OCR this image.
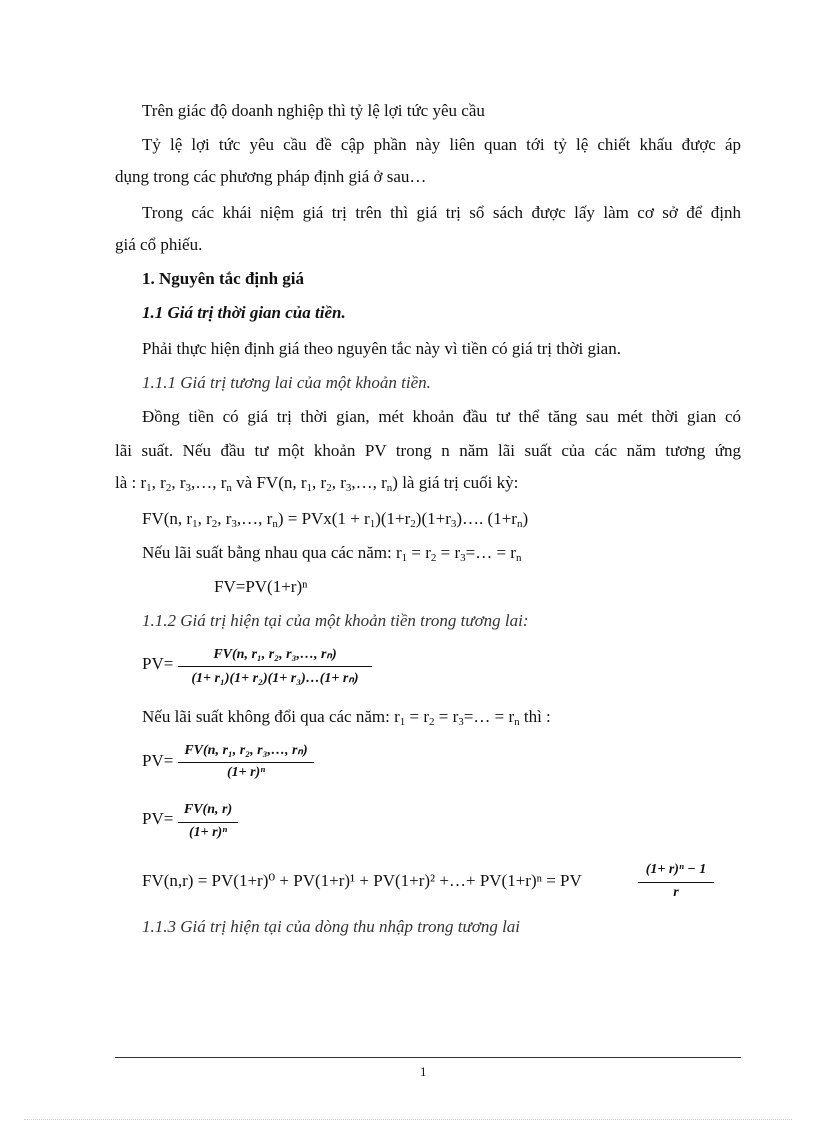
Trên giác độ doanh nghiệp thì tỷ lệ lợi tức yêu cầu
Tỷ lệ lợi tức yêu cầu đề cập phần này liên quan tới tỷ lệ chiết khấu được áp
dụng trong các phương pháp định giá ở sau…
Trong các khái niệm giá trị trên thì giá trị sổ sách được lấy làm cơ sở để định
giá cổ phiếu.
1. Nguyên tắc định giá
1.1 Giá trị thời gian của tiền.
Phải thực hiện định giá theo nguyên tắc này vì tiền có giá trị thời gian.
1.1.1 Giá trị tương lai của một khoản tiền.
Đồng tiền có giá trị thời gian, mét khoản đầu tư thể tăng sau mét thời gian có
lãi suất. Nếu đầu tư một khoản PV trong n năm lãi suất của các năm tương ứng
là : $r_1$, $r_2$, $r_3,\dots$, $r_n$ và FV(n, $r_1$, $r_2$, $r_3,\dots$, $r_n$) là giá trị cuối kỳ:
FV(n, $r_1$, $r_2$, $r_3,\dots$, $r_n) = PVx(1$ + $r_1)(1+r_2)(1+r_3)\dots$. $(1+r_n)$
Nếu lãi suất bằng nhau qua các năm: $r_1 = r_2$ = $r_3=\dots = r_n$
FV=PV(1+r)ⁿ
1.1.2 Giá trị hiện tại của một khoản tiền trong tương lai:
PV=	FV(n, r₁, r₂, r₃,…, rₙ)
(1+ r₁)(1+ r₂)(1+ r₃)…(1+ rₙ)
Nếu lãi suất không đổi qua các năm: $r_1 = r_2$ = $r_3=\dots = r_n$ thì :
PV=
FV(n, r₁, r₂, r₃,…, rₙ)
(1+ r)ⁿ
PV= FV(n, r)
(1+ r)ⁿ
FV(n,r) = PV(1+r)⁰ + PV(1+r)¹ + PV(1+r)² +…+ PV(1+r)ⁿ = PV
(1+ r)ⁿ − 1
r
1.1.3 Giá trị hiện tại của dòng thu nhập trong tương lai
1
